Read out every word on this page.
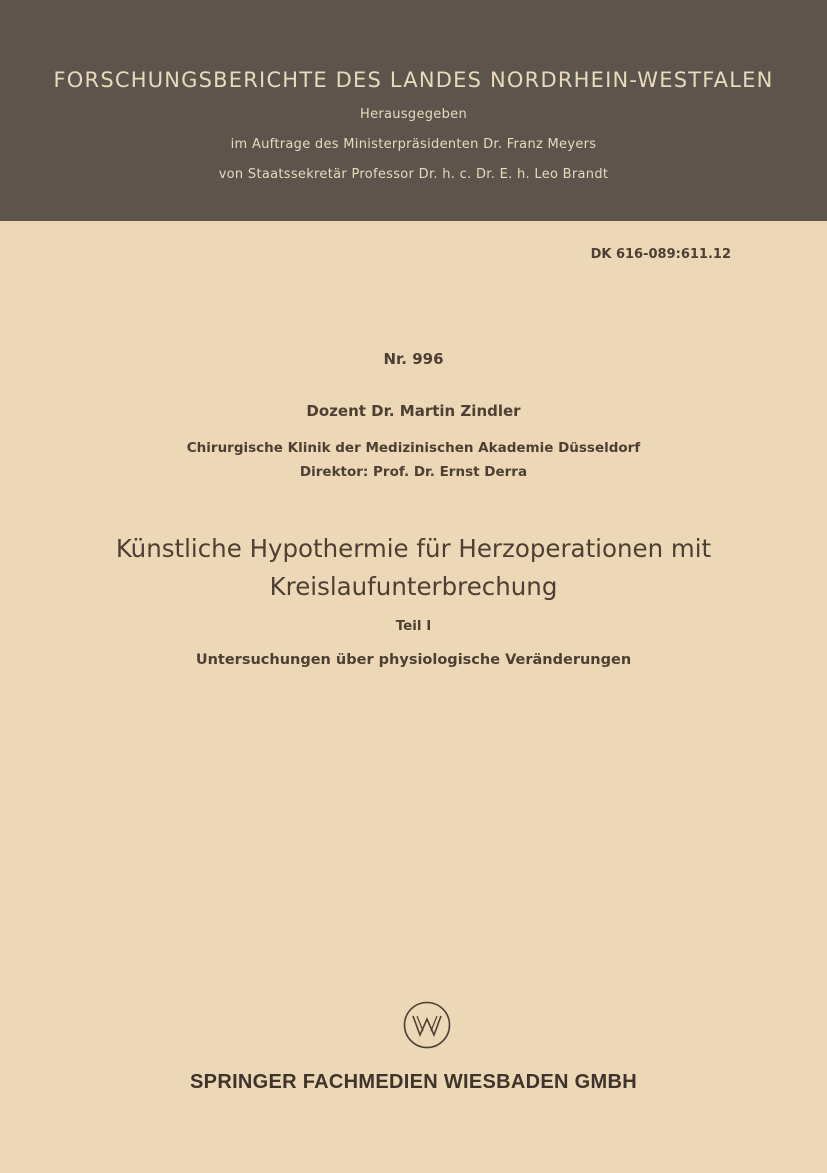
FORSCHUNGSBERICHTE DES LANDES NORDRHEIN-WESTFALEN
Herausgegeben
im Auftrage des Ministerpräsidenten Dr. Franz Meyers
von Staatssekretär Professor Dr. h. c. Dr. E. h. Leo Brandt
DK 616-089:611.12
Nr. 996
Dozent Dr. Martin Zindler
Chirurgische Klinik der Medizinischen Akademie Düsseldorf
Direktor: Prof. Dr. Ernst Derra
Künstliche Hypothermie für Herzoperationen mit
Kreislaufunterbrechung
Teil I
Untersuchungen über physiologische Veränderungen
SPRINGER FACHMEDIEN WIESBADEN GMBH
